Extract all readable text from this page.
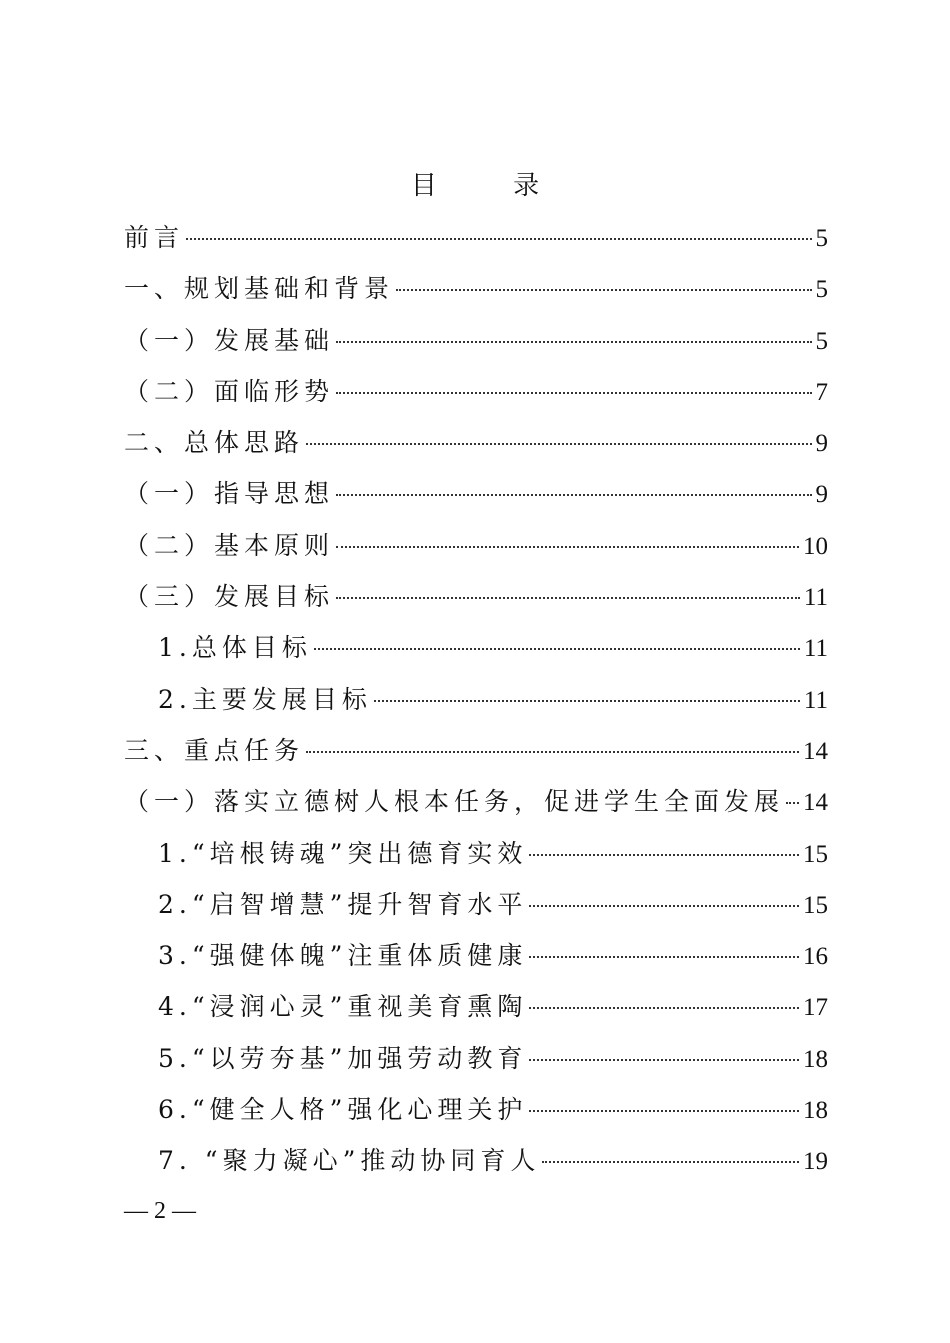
目 录
前言	5
一、规划基础和背景	5
（一）发展基础	5
（二）面临形势	7
二、总体思路	9
（一）指导思想	9
（二）基本原则	10
（三）发展目标	11
1.总体目标	11
2.主要发展目标	11
三、重点任务	14
（一）落实立德树人根本任务，促进学生全面发展 14
1.“培根铸魂”突出德育实效	15
2.“启智增慧”提升智育水平	15
3.“强健体魄”注重体质健康	16
4.“浸润心灵”重视美育熏陶	17
5.“以劳夯基”加强劳动教育	18
6.“健全人格”强化心理关护	18
7. “聚力凝心”推动协同育人	19
— 2 —
